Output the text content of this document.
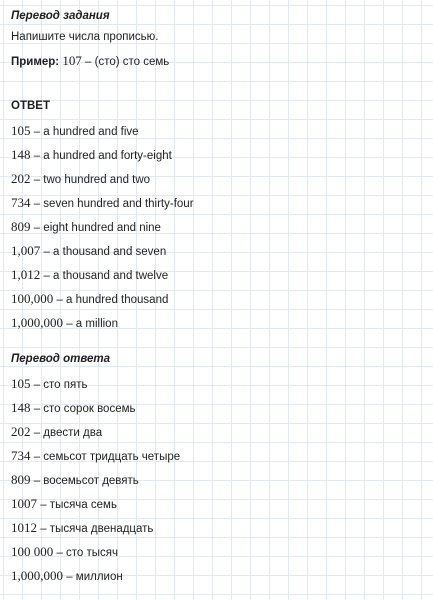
Перевод задания
Напишите числа прописью.
Пример: 107 – (сто) сто семь
ОТВЕТ
105 – a hundred and five
148 – a hundred and forty-eight
202 – two hundred and two
734 – seven hundred and thirty-four
809 – eight hundred and nine
1,007 – a thousand and seven
1,012 – a thousand and twelve
100,000 – a hundred thousand
1,000,000 – a million
Перевод ответа
105 – сто пять
148 – сто сорок восемь
202 – двести два
734 – семьсот тридцать четыре
809 – восемьсот девять
1007 – тысяча семь
1012 – тысяча двенадцать
100 000 – сто тысяч
1,000,000 – миллион
